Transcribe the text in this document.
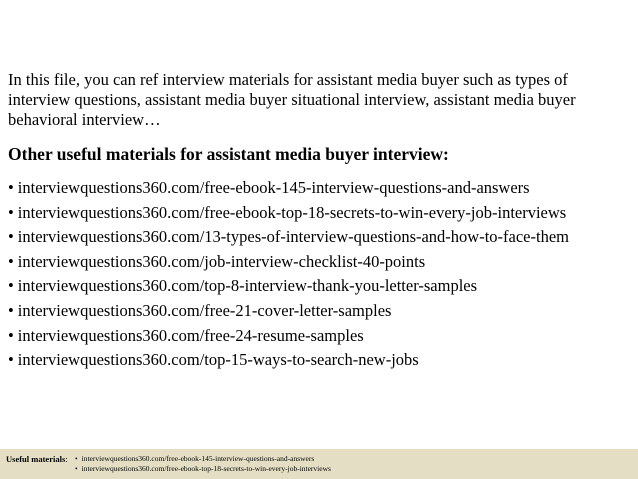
In this file, you can ref interview materials for assistant media buyer such as types of interview questions, assistant media buyer situational interview, assistant media buyer behavioral interview…

Other useful materials for assistant media buyer interview:

• interviewquestions360.com/free-ebook-145-interview-questions-and-answers
• interviewquestions360.com/free-ebook-top-18-secrets-to-win-every-job-interviews
• interviewquestions360.com/13-types-of-interview-questions-and-how-to-face-them
• interviewquestions360.com/job-interview-checklist-40-points
• interviewquestions360.com/top-8-interview-thank-you-letter-samples
• interviewquestions360.com/free-21-cover-letter-samples
• interviewquestions360.com/free-24-resume-samples
• interviewquestions360.com/top-15-ways-to-search-new-jobs
Useful materials: • interviewquestions360.com/free-ebook-145-interview-questions-and-answers
• interviewquestions360.com/free-ebook-top-18-secrets-to-win-every-job-interviews
